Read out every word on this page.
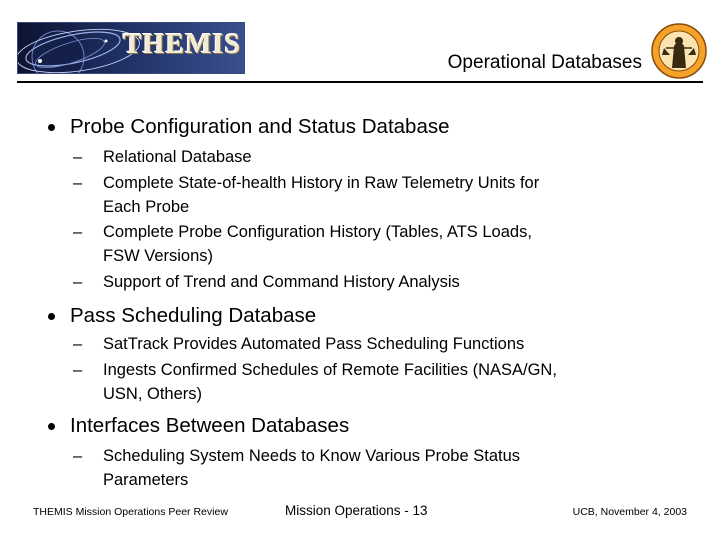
THEMIS
Operational Databases
Probe Configuration and Status Database
– Relational Database
– Complete State-of-health History in Raw Telemetry Units for
Each Probe
– Complete Probe Configuration History (Tables, ATS Loads,
FSW Versions)
– Support of Trend and Command History Analysis
Pass Scheduling Database
– SatTrack Provides Automated Pass Scheduling Functions
– Ingests Confirmed Schedules of Remote Facilities (NASA/GN,
USN, Others)
Interfaces Between Databases
– Scheduling System Needs to Know Various Probe Status
Parameters
THEMIS Mission Operations Peer Review	Mission Operations - 13	UCB, November 4, 2003
